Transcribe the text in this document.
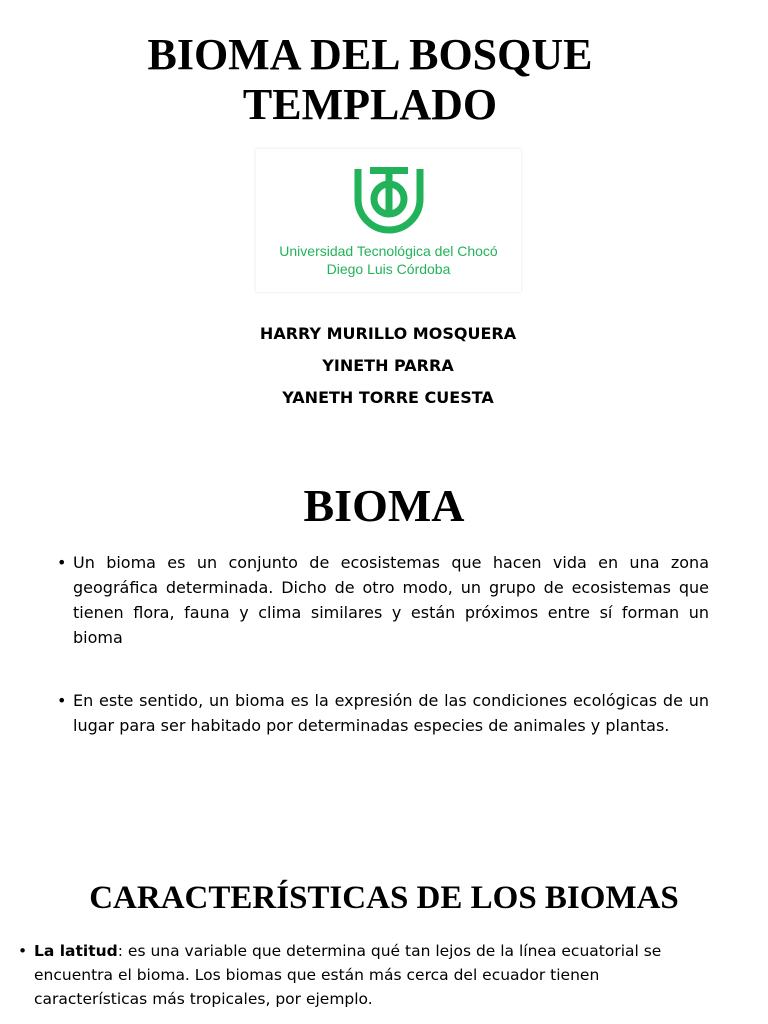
BIOMA DEL BOSQUE
TEMPLADO
Universidad Tecnológica del Chocó
Diego Luis Córdoba
HARRY MURILLO MOSQUERA
YINETH PARRA
YANETH TORRE CUESTA
BIOMA
• Un bioma es un conjunto de ecosistemas que hacen vida en una zona geográfica determinada. Dicho de otro modo, un grupo de ecosistemas que tienen flora, fauna y clima similares y están próximos entre sí forman un bioma
• En este sentido, un bioma es la expresión de las condiciones ecológicas de un lugar para ser habitado por determinadas especies de animales y plantas.
CARACTERÍSTICAS DE LOS BIOMAS
• La latitud: es una variable que determina qué tan lejos de la línea ecuatorial se encuentra el bioma. Los biomas que están más cerca del ecuador tienen características más tropicales, por ejemplo.
